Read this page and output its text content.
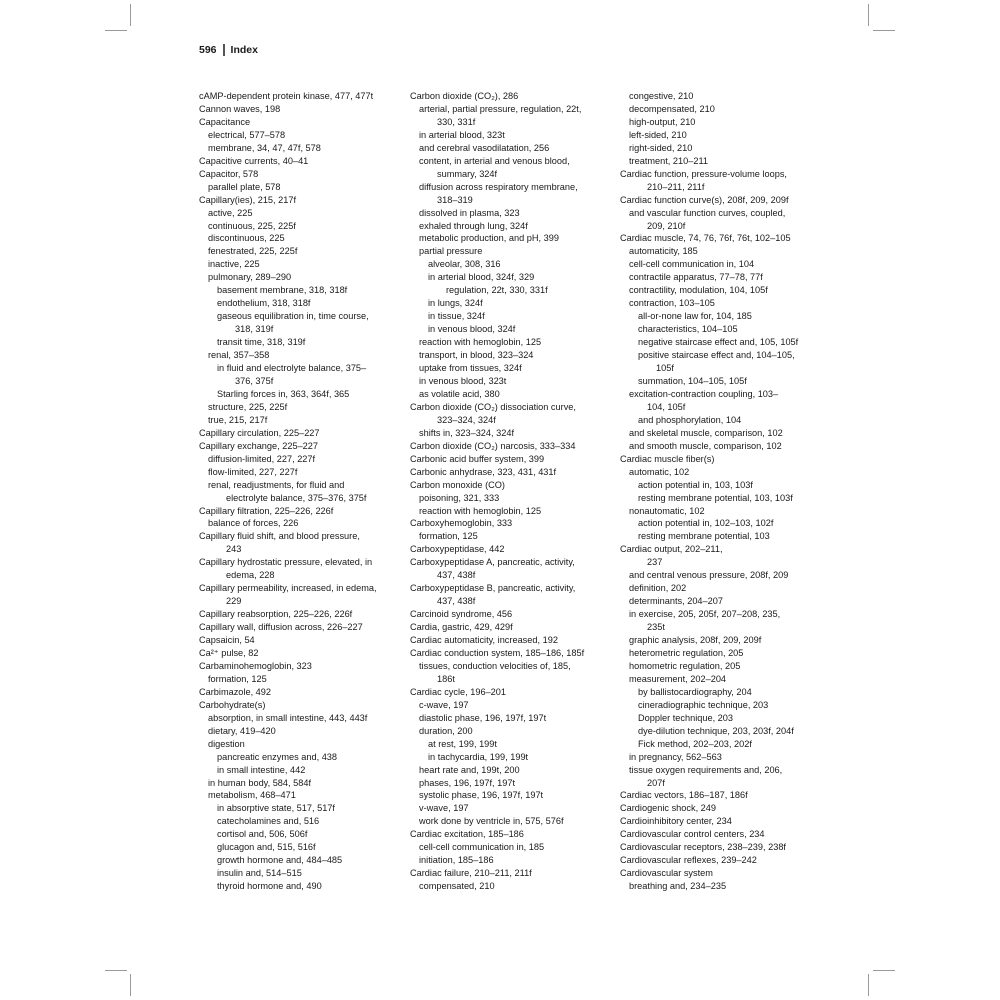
596 Index
cAMP-dependent protein kinase, 477, 477t
Cannon waves, 198
Capacitance
electrical, 577–578
membrane, 34, 47, 47f, 578
Capacitive currents, 40–41
Capacitor, 578
parallel plate, 578
Capillary(ies), 215, 217f
active, 225
continuous, 225, 225f
discontinuous, 225
fenestrated, 225, 225f
inactive, 225
pulmonary, 289–290
basement membrane, 318, 318f
endothelium, 318, 318f
gaseous equilibration in, time course,
318, 319f
transit time, 318, 319f
renal, 357–358
in fluid and electrolyte balance, 375–
376, 375f
Starling forces in, 363, 364f, 365
structure, 225, 225f
true, 215, 217f
Capillary circulation, 225–227
Capillary exchange, 225–227
diffusion-limited, 227, 227f
flow-limited, 227, 227f
renal, readjustments, for fluid and
electrolyte balance, 375–376, 375f
Capillary filtration, 225–226, 226f
balance of forces, 226
Capillary fluid shift, and blood pressure,
243
Capillary hydrostatic pressure, elevated, in
edema, 228
Capillary permeability, increased, in edema,
229
Capillary reabsorption, 225–226, 226f
Capillary wall, diffusion across, 226–227
Capsaicin, 54
Ca²⁺ pulse, 82
Carbaminohemoglobin, 323
formation, 125
Carbimazole, 492
Carbohydrate(s)
absorption, in small intestine, 443, 443f
dietary, 419–420
digestion
pancreatic enzymes and, 438
in small intestine, 442
in human body, 584, 584f
metabolism, 468–471
in absorptive state, 517, 517f
catecholamines and, 516
cortisol and, 506, 506f
glucagon and, 515, 516f
growth hormone and, 484–485
insulin and, 514–515
thyroid hormone and, 490
Carbon dioxide (CO₂), 286
arterial, partial pressure, regulation, 22t,
330, 331f
in arterial blood, 323t
and cerebral vasodilatation, 256
content, in arterial and venous blood,
summary, 324f
diffusion across respiratory membrane,
318–319
dissolved in plasma, 323
exhaled through lung, 324f
metabolic production, and pH, 399
partial pressure
alveolar, 308, 316
in arterial blood, 324f, 329
regulation, 22t, 330, 331f
in lungs, 324f
in tissue, 324f
in venous blood, 324f
reaction with hemoglobin, 125
transport, in blood, 323–324
uptake from tissues, 324f
in venous blood, 323t
as volatile acid, 380
Carbon dioxide (CO₂) dissociation curve,
323–324, 324f
shifts in, 323–324, 324f
Carbon dioxide (CO₂) narcosis, 333–334
Carbonic acid buffer system, 399
Carbonic anhydrase, 323, 431, 431f
Carbon monoxide (CO)
poisoning, 321, 333
reaction with hemoglobin, 125
Carboxyhemoglobin, 333
formation, 125
Carboxypeptidase, 442
Carboxypeptidase A, pancreatic, activity,
437, 438f
Carboxypeptidase B, pancreatic, activity,
437, 438f
Carcinoid syndrome, 456
Cardia, gastric, 429, 429f
Cardiac automaticity, increased, 192
Cardiac conduction system, 185–186, 185f
tissues, conduction velocities of, 185,
186t
Cardiac cycle, 196–201
c-wave, 197
diastolic phase, 196, 197f, 197t
duration, 200
at rest, 199, 199t
in tachycardia, 199, 199t
heart rate and, 199t, 200
phases, 196, 197f, 197t
systolic phase, 196, 197f, 197t
v-wave, 197
work done by ventricle in, 575, 576f
Cardiac excitation, 185–186
cell-cell communication in, 185
initiation, 185–186
Cardiac failure, 210–211, 211f
compensated, 210
congestive, 210
decompensated, 210
high-output, 210
left-sided, 210
right-sided, 210
treatment, 210–211
Cardiac function, pressure-volume loops,
210–211, 211f
Cardiac function curve(s), 208f, 209, 209f
and vascular function curves, coupled,
209, 210f
Cardiac muscle, 74, 76, 76f, 76t, 102–105
automaticity, 185
cell-cell communication in, 104
contractile apparatus, 77–78, 77f
contractility, modulation, 104, 105f
contraction, 103–105
all-or-none law for, 104, 185
characteristics, 104–105
negative staircase effect and, 105, 105f
positive staircase effect and, 104–105,
105f
summation, 104–105, 105f
excitation-contraction coupling, 103–
104, 105f
and phosphorylation, 104
and skeletal muscle, comparison, 102
and smooth muscle, comparison, 102
Cardiac muscle fiber(s)
automatic, 102
action potential in, 103, 103f
resting membrane potential, 103, 103f
nonautomatic, 102
action potential in, 102–103, 102f
resting membrane potential, 103
Cardiac output, 202–211,
237
and central venous pressure, 208f, 209
definition, 202
determinants, 204–207
in exercise, 205, 205f, 207–208, 235,
235t
graphic analysis, 208f, 209, 209f
heterometric regulation, 205
homometric regulation, 205
measurement, 202–204
by ballistocardiography, 204
cineradiographic technique, 203
Doppler technique, 203
dye-dilution technique, 203, 203f, 204f
Fick method, 202–203, 202f
in pregnancy, 562–563
tissue oxygen requirements and, 206,
207f
Cardiac vectors, 186–187, 186f
Cardiogenic shock, 249
Cardioinhibitory center, 234
Cardiovascular control centers, 234
Cardiovascular receptors, 238–239, 238f
Cardiovascular reflexes, 239–242
Cardiovascular system
breathing and, 234–235
